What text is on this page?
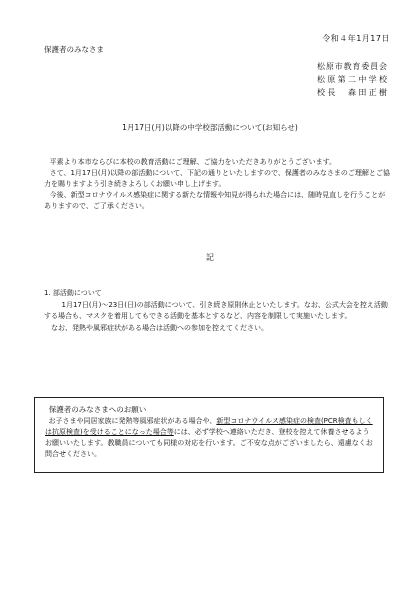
令和４年1月17日
保護者のみなさま
松原市教育委員会
松原第二中学校
校長　森田正樹
1月17日(月)以降の中学校部活動について(お知らせ)

平素より本市ならびに本校の教育活動にご理解、ご協力をいただきありがとうございます。

さて、1月17日(月)以降の部活動について、下記の通りといたしますので、保護者のみなさまのご理解とご協力を賜りますよう引き続きよろしくお願い申し上げます。

今後、新型コロナウイルス感染症に関する新たな情報や知見が得られた場合には、随時見直しを行うことがありますので、ご了承ください。

記

1. 部活動について

1月17日(月)～23日(日)の部活動について、引き続き原則休止といたします。なお、公式大会を控え活動する場合も、マスクを着用してもできる活動を基本とするなど、内容を制限して実施いたします。

なお、発熱や風邪症状がある場合は活動への参加を控えてください。

保護者のみなさまへのお願い

お子さまや同居家族に発熱等風邪症状がある場合や、新型コロナウイルス感染症の検査(PCR検査もしくは抗原検査)を受けることになった場合等には、必ず学校へ連絡いただき、登校を控えて休養させるようお願いいたします。教職員についても同様の対応を行います。ご不安な点がございましたら、遠慮なくお問合せください。
